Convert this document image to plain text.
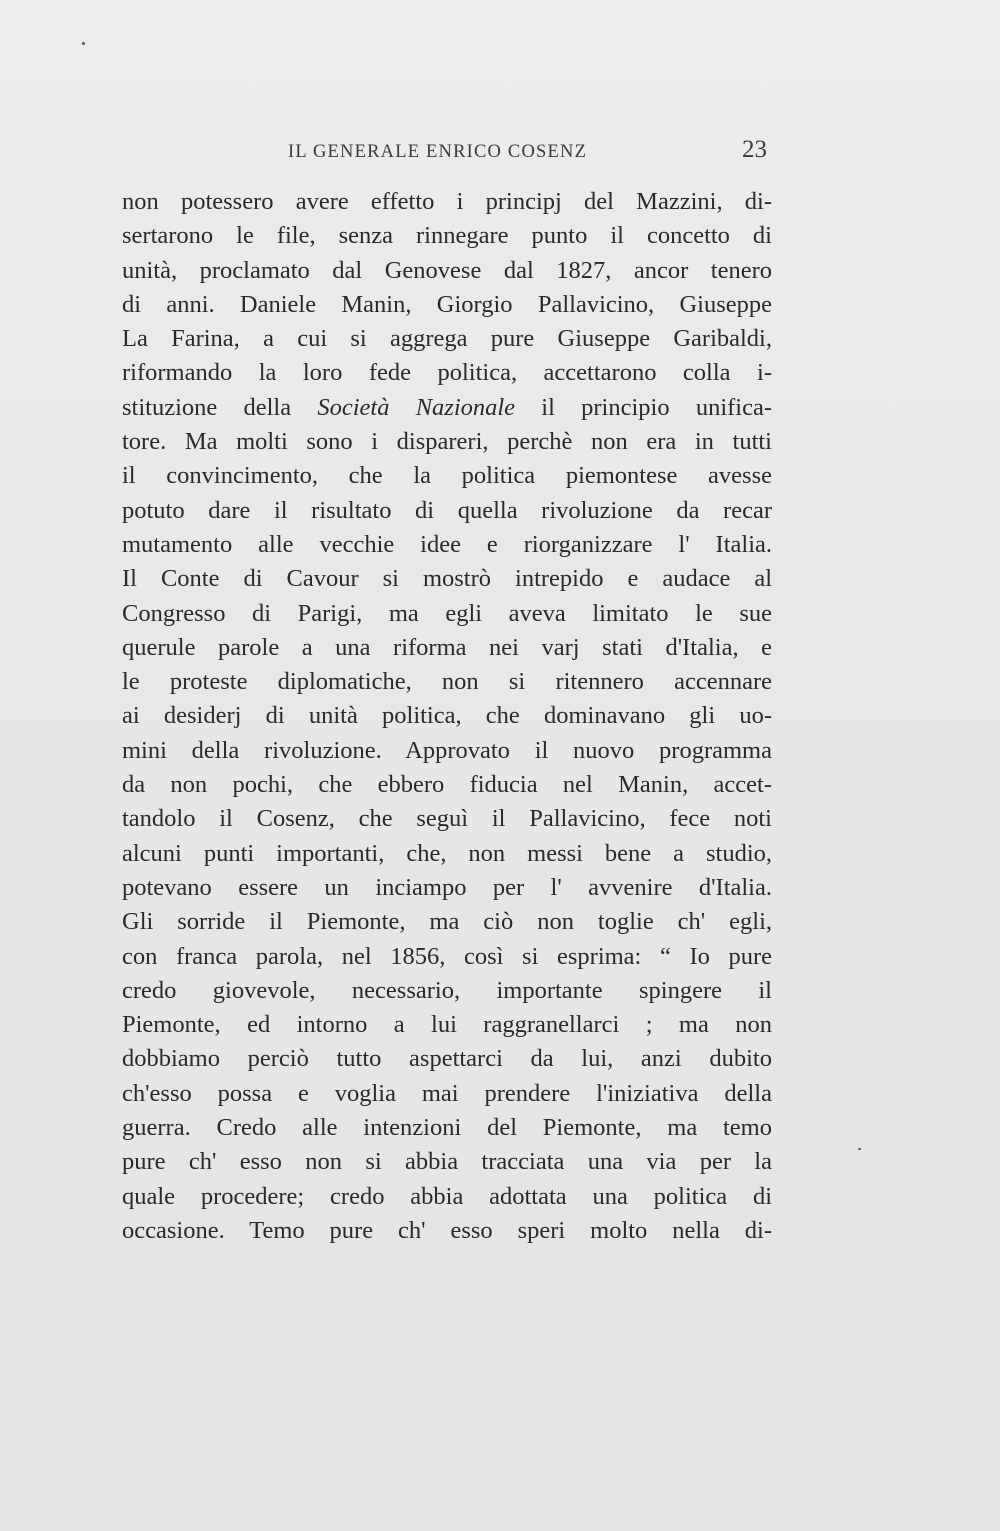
IL GENERALE ENRICO COSENZ	23
non potessero avere effetto i principj del Mazzini, di-
sertarono le file, senza rinnegare punto il concetto di
unità, proclamato dal Genovese dal 1827, ancor tenero
di anni. Daniele Manin, Giorgio Pallavicino, Giuseppe
La Farina, a cui si aggrega pure Giuseppe Garibaldi,
riformando la loro fede politica, accettarono colla i-
stituzione della Società Nazionale il principio unifica-
tore. Ma molti sono i dispareri, perchè non era in tutti
il convincimento, che la politica piemontese avesse
potuto dare il risultato di quella rivoluzione da recar
mutamento alle vecchie idee e riorganizzare l' Italia.
Il Conte di Cavour si mostrò intrepido e audace al
Congresso di Parigi, ma egli aveva limitato le sue
querule parole a una riforma nei varj stati d'Italia, e
le proteste diplomatiche, non si ritennero accennare
ai desiderj di unità politica, che dominavano gli uo-
mini della rivoluzione. Approvato il nuovo programma
da non pochi, che ebbero fiducia nel Manin, accet-
tandolo il Cosenz, che seguì il Pallavicino, fece noti
alcuni punti importanti, che, non messi bene a studio,
potevano essere un inciampo per l' avvenire d'Italia.
Gli sorride il Piemonte, ma ciò non toglie ch' egli,
con franca parola, nel 1856, così si esprima: “ Io pure
credo giovevole, necessario, importante spingere il
Piemonte, ed intorno a lui raggranellarci ; ma non
dobbiamo perciò tutto aspettarci da lui, anzi dubito
ch'esso possa e voglia mai prendere l'iniziativa della
guerra. Credo alle intenzioni del Piemonte, ma temo
pure ch' esso non si abbia tracciata una via per la
quale procedere; credo abbia adottata una politica di
occasione. Temo pure ch' esso speri molto nella di-
